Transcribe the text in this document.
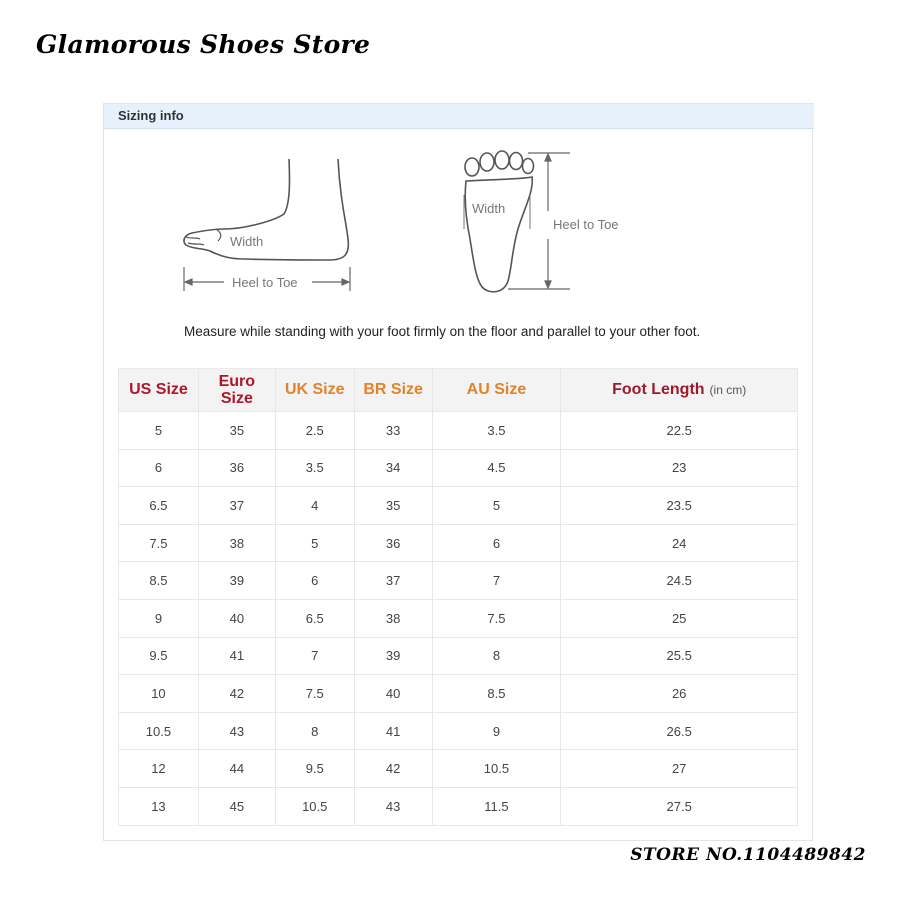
Glamorous Shoes Store
Sizing info
Width
Heel to Toe
Width
Heel to Toe
Measure while standing with your foot firmly on the floor and parallel to your other foot.
US Size	Euro
Size	UK Size	BR Size	AU Size	Foot Length (in cm)
5	35	2.5	33	3.5	22.5
6	36	3.5	34	4.5	23
6.5	37	4	35	5	23.5
7.5	38	5	36	6	24
8.5	39	6	37	7	24.5
9	40	6.5	38	7.5	25
9.5	41	7	39	8	25.5
10	42	7.5	40	8.5	26
10.5	43	8	41	9	26.5
12	44	9.5	42	10.5	27
13	45	10.5	43	11.5	27.5
STORE NO.1104489842
